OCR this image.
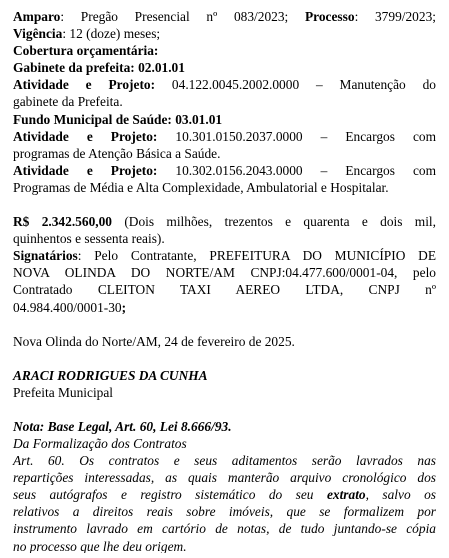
Amparo: Pregão Presencial nº 083/2023; Processo: 3799/2023;
Vigência: 12 (doze) meses;
Cobertura orçamentária:
Gabinete da prefeita: 02.01.01
Atividade e Projeto: 04.122.0045.2002.0000 – Manutenção do
gabinete da Prefeita.
Fundo Municipal de Saúde: 03.01.01
Atividade e Projeto: 10.301.0150.2037.0000 – Encargos com
programas de Atenção Básica a Saúde.
Atividade e Projeto: 10.302.0156.2043.0000 – Encargos com
Programas de Média e Alta Complexidade, Ambulatorial e Hospitalar.
R$ 2.342.560,00 (Dois milhões, trezentos e quarenta e dois mil,
quinhentos e sessenta reais).
Signatários: Pelo Contratante, PREFEITURA DO MUNICÍPIO DE
NOVA OLINDA DO NORTE/AM CNPJ:04.477.600/0001-04, pelo
Contratado CLEITON TAXI AEREO LTDA, CNPJ nº
04.984.400/0001-30;
Nova Olinda do Norte/AM, 24 de fevereiro de 2025.
ARACI RODRIGUES DA CUNHA
Prefeita Municipal
Nota: Base Legal, Art. 60, Lei 8.666/93.
Da Formalização dos Contratos
Art. 60. Os contratos e seus aditamentos serão lavrados nas
repartições interessadas, as quais manterão arquivo cronológico dos
seus autógrafos e registro sistemático do seu extrato, salvo os
relativos a direitos reais sobre imóveis, que se formalizem por
instrumento lavrado em cartório de notas, de tudo juntando-se cópia
no processo que lhe deu origem.
